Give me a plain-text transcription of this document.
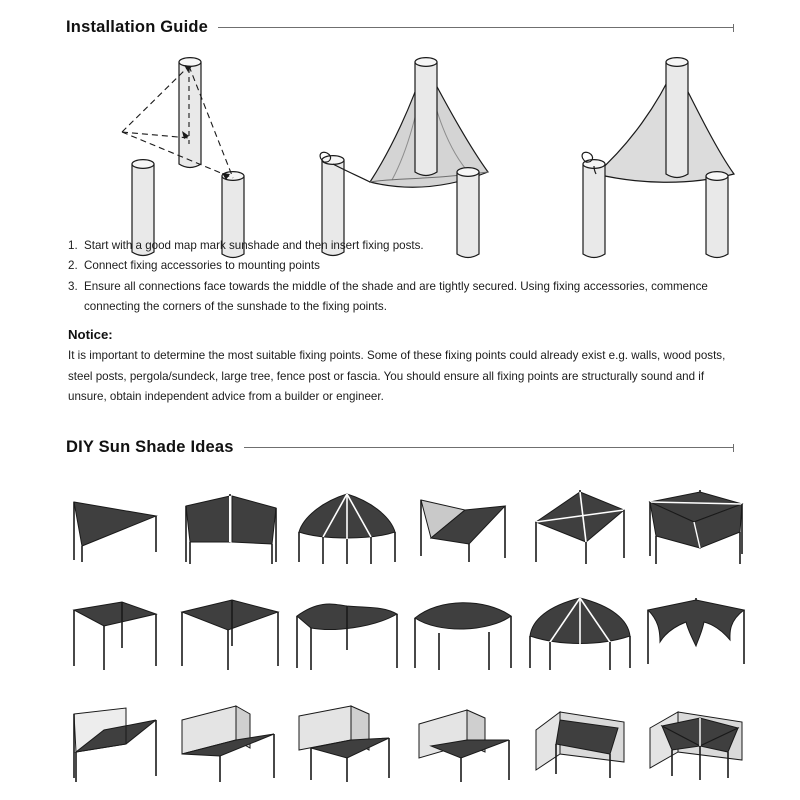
Installation Guide
1. Start with a good map mark sunshade and then insert fixing posts.
2. Connect fixing accessories to mounting points
3. Ensure all connections face towards the middle of the shade and are tightly secured. Using fixing accessories, commence connecting the corners of the sunshade to the fixing points.
Notice:
It is important to determine the most suitable fixing points. Some of these fixing points could already exist e.g. walls, wood posts, steel posts, pergola/sundeck, large tree, fence post or fascia. You should ensure all fixing points are structurally sound and if unsure, obtain independent advice from a builder or engineer.
DIY Sun Shade Ideas
